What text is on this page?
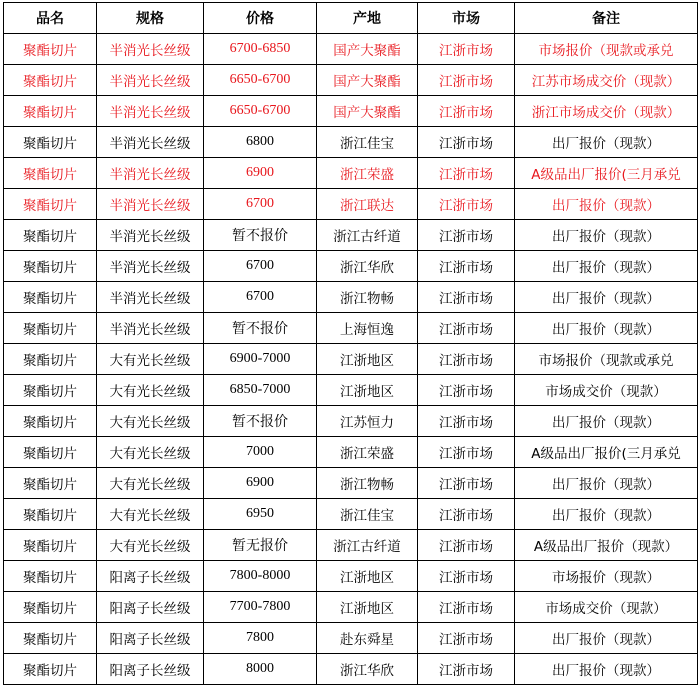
品名	规格	价格	产地	市场	备注
聚酯切片	半消光长丝级	6700-6850	国产大聚酯	江浙市场	市场报价（现款或承兑
聚酯切片	半消光长丝级	6650-6700	国产大聚酯	江浙市场	江苏市场成交价（现款）
聚酯切片	半消光长丝级	6650-6700	国产大聚酯	江浙市场	浙江市场成交价（现款）
聚酯切片	半消光长丝级	6800	浙江佳宝	江浙市场	出厂报价（现款）
聚酯切片	半消光长丝级	6900	浙江荣盛	江浙市场	A级品出厂报价(三月承兑
聚酯切片	半消光长丝级	6700	浙江联达	江浙市场	出厂报价（现款）
聚酯切片	半消光长丝级	暂不报价	浙江古纤道	江浙市场	出厂报价（现款）
聚酯切片	半消光长丝级	6700	浙江华欣	江浙市场	出厂报价（现款）
聚酯切片	半消光长丝级	6700	浙江物畅	江浙市场	出厂报价（现款）
聚酯切片	半消光长丝级	暂不报价	上海恒逸	江浙市场	出厂报价（现款）
聚酯切片	大有光长丝级	6900-7000	江浙地区	江浙市场	市场报价（现款或承兑
聚酯切片	大有光长丝级	6850-7000	江浙地区	江浙市场	市场成交价（现款）
聚酯切片	大有光长丝级	暂不报价	江苏恒力	江浙市场	出厂报价（现款）
聚酯切片	大有光长丝级	7000	浙江荣盛	江浙市场	A级品出厂报价(三月承兑
聚酯切片	大有光长丝级	6900	浙江物畅	江浙市场	出厂报价（现款）
聚酯切片	大有光长丝级	6950	浙江佳宝	江浙市场	出厂报价（现款）
聚酯切片	大有光长丝级	暂无报价	浙江古纤道	江浙市场	A级品出厂报价（现款）
聚酯切片	阳离子长丝级	7800-8000	江浙地区	江浙市场	市场报价（现款）
聚酯切片	阳离子长丝级	7700-7800	江浙地区	江浙市场	市场成交价（现款）
聚酯切片	阳离子长丝级	7800	赴东舜星	江浙市场	出厂报价（现款）
聚酯切片	阳离子长丝级	8000	浙江华欣	江浙市场	出厂报价（现款）
